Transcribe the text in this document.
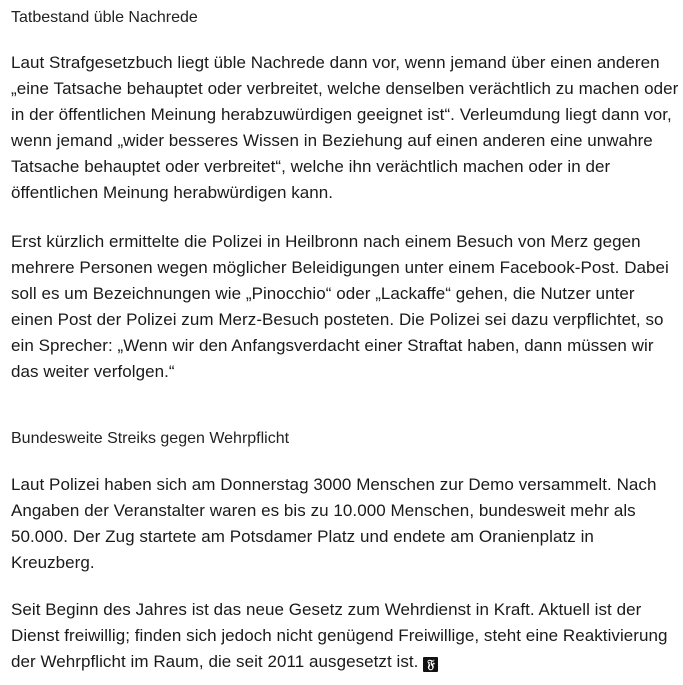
Tatbestand üble Nachrede

Laut Strafgesetzbuch liegt üble Nachrede dann vor, wenn jemand über einen anderen „eine Tatsache behauptet oder verbreitet, welche denselben verächtlich zu machen oder in der öffentlichen Meinung herabzuwürdigen geeignet ist“. Verleumdung liegt dann vor, wenn jemand „wider besseres Wissen in Beziehung auf einen anderen eine unwahre Tatsache behauptet oder verbreitet“, welche ihn verächtlich machen oder in der öffentlichen Meinung herabwürdigen kann.

Erst kürzlich ermittelte die Polizei in Heilbronn nach einem Besuch von Merz gegen mehrere Personen wegen möglicher Beleidigungen unter einem Facebook-Post. Dabei soll es um Bezeichnungen wie „Pinocchio“ oder „Lackaffe“ gehen, die Nutzer unter einen Post der Polizei zum Merz-Besuch posteten. Die Polizei sei dazu verpflichtet, so ein Sprecher: „Wenn wir den Anfangsverdacht einer Straftat haben, dann müssen wir das weiter verfolgen.“

Bundesweite Streiks gegen Wehrpflicht

Laut Polizei haben sich am Donnerstag 3000 Menschen zur Demo versammelt. Nach Angaben der Veranstalter waren es bis zu 10.000 Menschen, bundesweit mehr als 50.000. Der Zug startete am Potsdamer Platz und endete am Oranienplatz in Kreuzberg.

Seit Beginn des Jahres ist das neue Gesetz zum Wehrdienst in Kraft. Aktuell ist der Dienst freiwillig; finden sich jedoch nicht genügend Freiwillige, steht eine Reaktivierung der Wehrpflicht im Raum, die seit 2011 ausgesetzt ist. 𝔉
